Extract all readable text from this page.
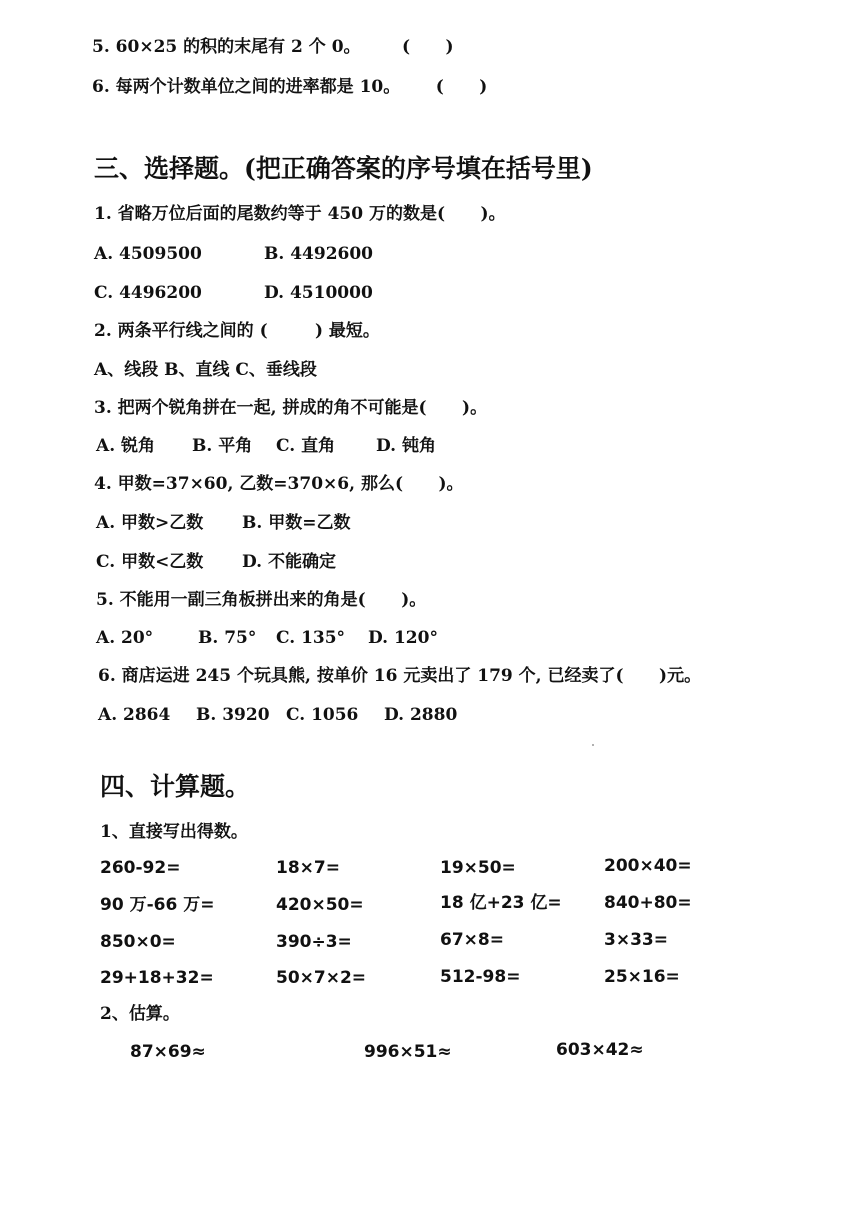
5. 60×25 的积的末尾有 2 个 0。       (      )
6. 每两个计数单位之间的进率都是 10。      (      )
三、选择题。(把正确答案的序号填在括号里)
1. 省略万位后面的尾数约等于 450 万的数是(      )。
A. 4509500	B. 4492600
C. 4496200	D. 4510000
2. 两条平行线之间的 (        ) 最短。
A、线段 B、直线 C、垂线段
3. 把两个锐角拼在一起, 拼成的角不可能是(      )。
A. 锐角 B. 平角 C. 直角 D. 钝角
4. 甲数=37×60, 乙数=370×6, 那么(      )。
A. 甲数>乙数 B. 甲数=乙数
C. 甲数<乙数 D. 不能确定
5. 不能用一副三角板拼出来的角是(      )。
A. 20°	B. 75° C. 135° D. 120°
6. 商店运进 245 个玩具熊, 按单价 16 元卖出了 179 个, 已经卖了(      )元。
A. 2864 B. 3920 C. 1056 D. 2880
四、计算题。
1、直接写出得数。
260-92=	18×7=	19×50=	200×40=
90 万-66 万=	420×50=	18 亿+23 亿= 840+80=
850×0=	390÷3=	67×8=	3×33=
29+18+32=	50×7×2=	512-98=	25×16=
2、估算。
87×69≈	996×51≈	603×42≈
